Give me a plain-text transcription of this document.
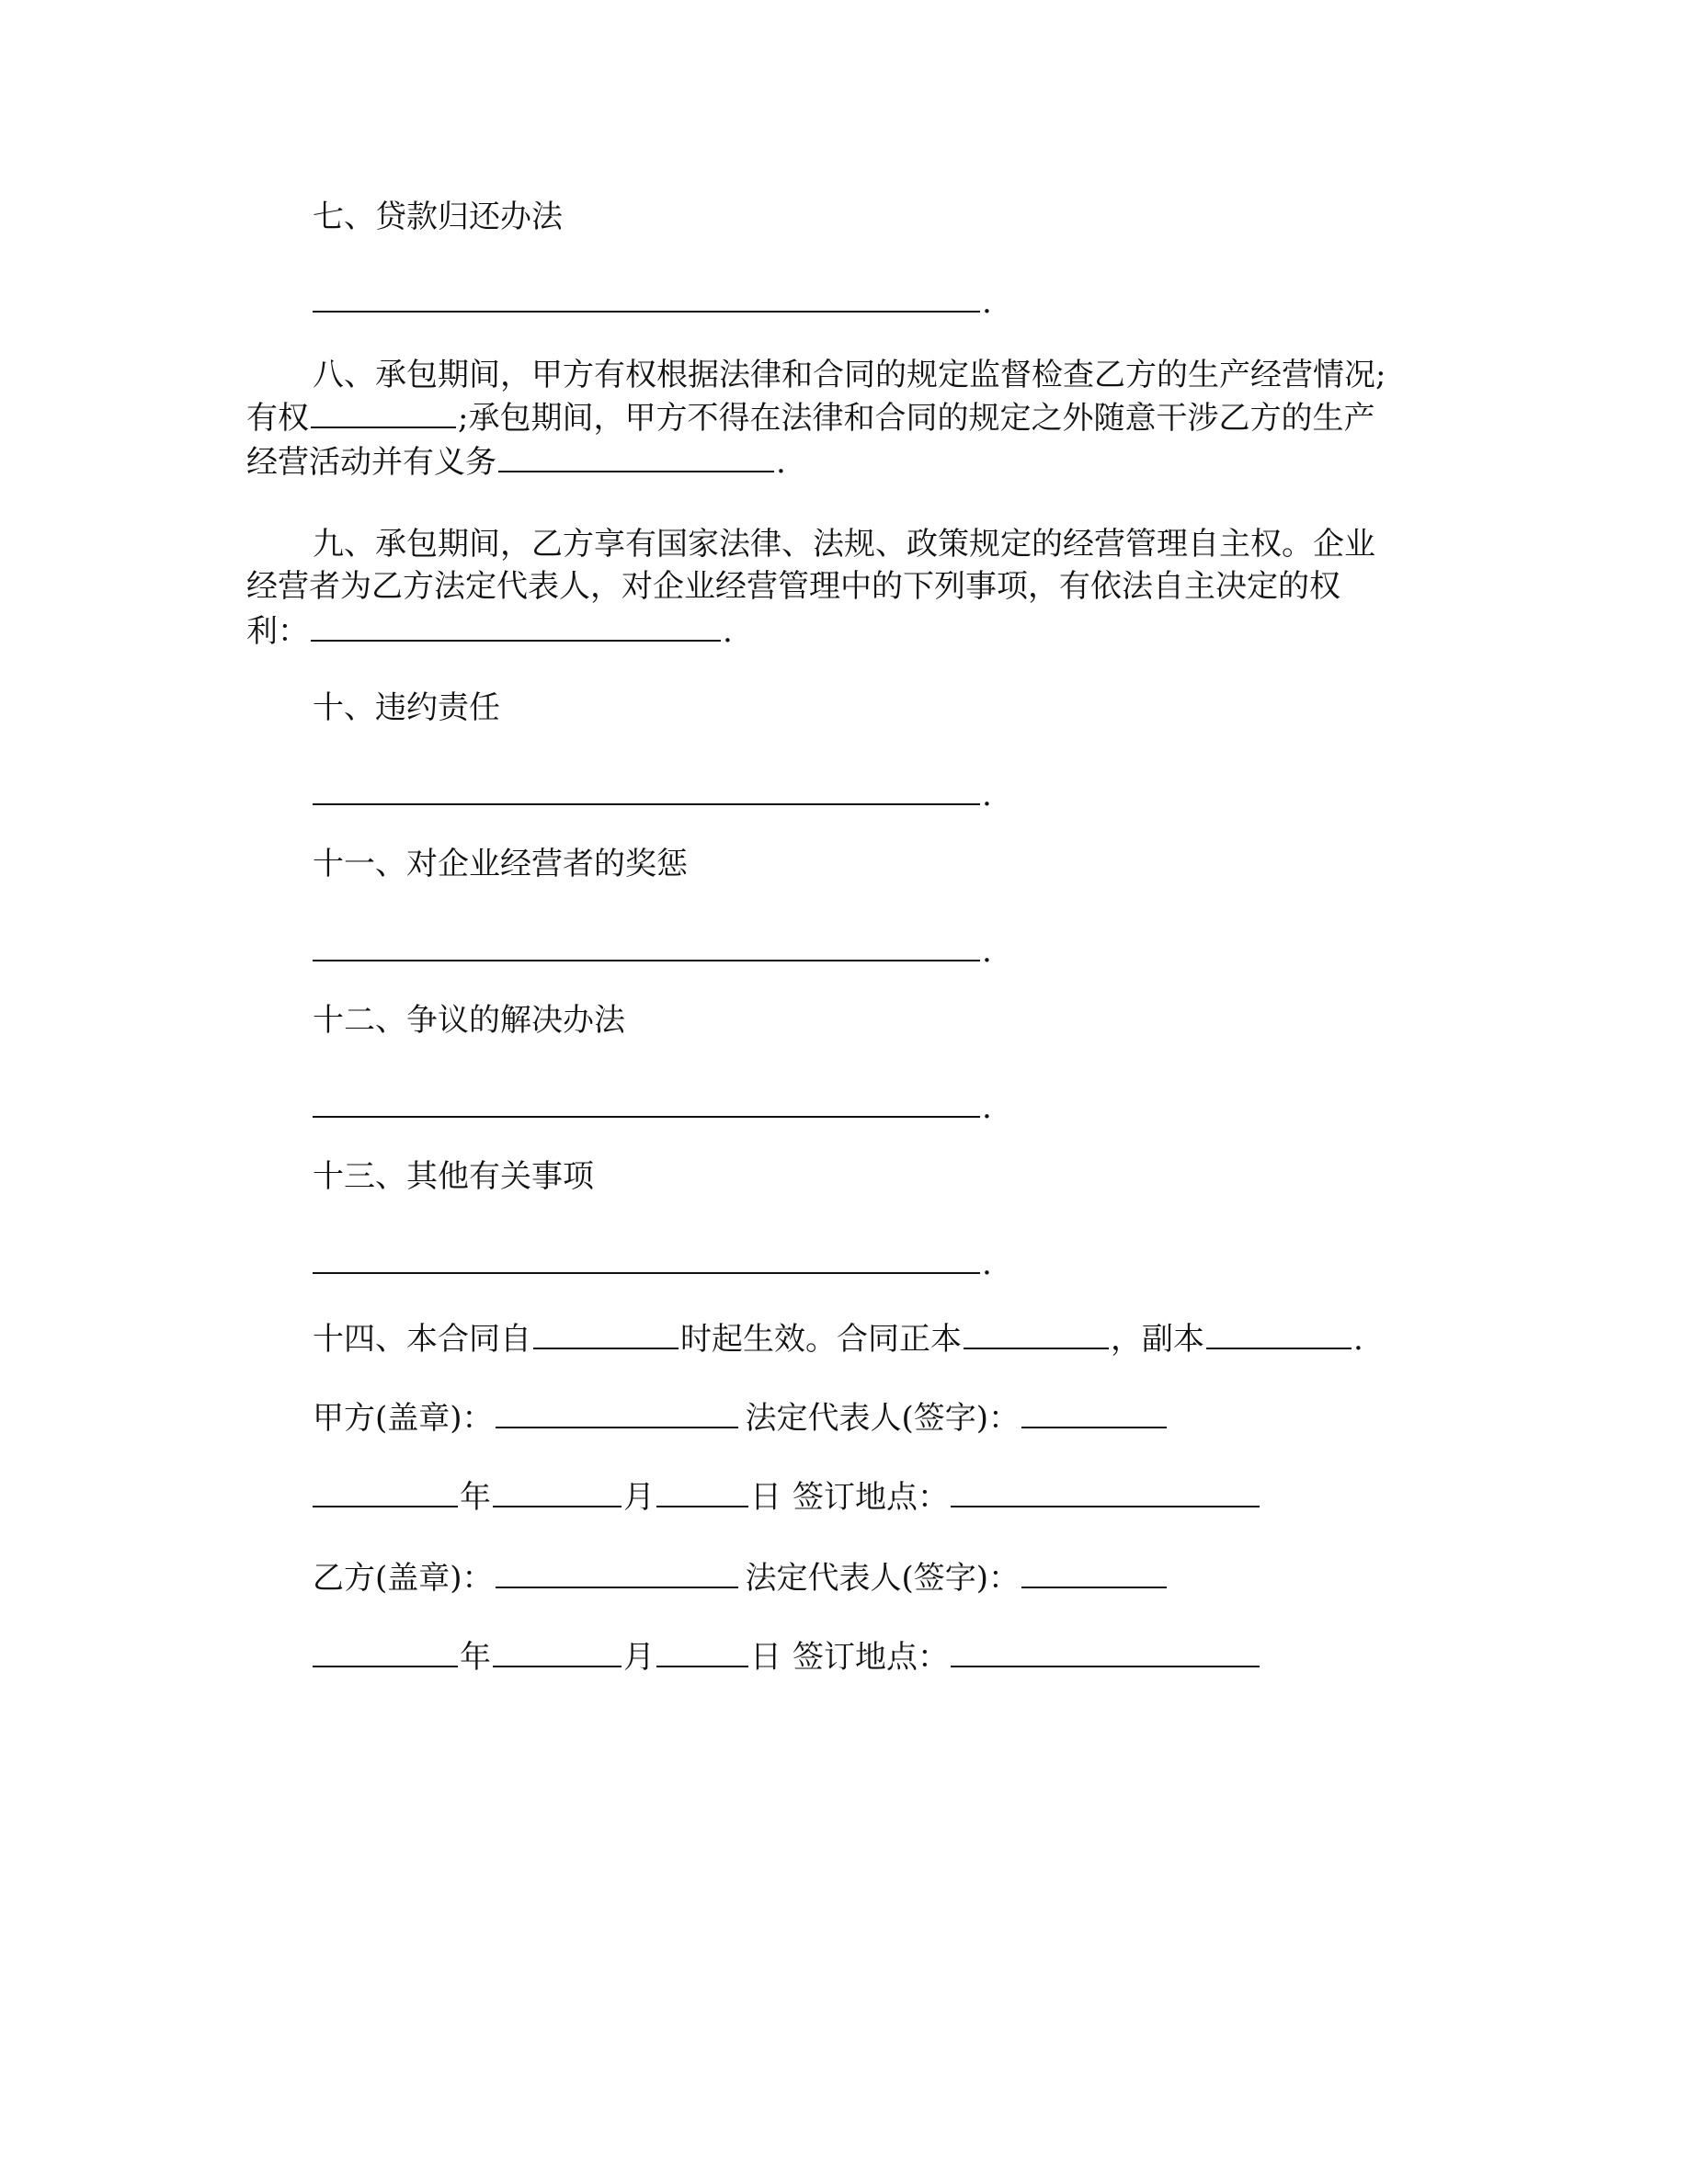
七、贷款归还办法
.
八、承包期间，甲方有权根据法律和合同的规定监督检查乙方的生产经营情况;
有权	;承包期间，甲方不得在法律和合同的规定之外随意干涉乙方的生产
经营活动并有义务	.
九、承包期间，乙方享有国家法律、法规、政策规定的经营管理自主权。企业
经营者为乙方法定代表人，对企业经营管理中的下列事项，有依法自主决定的权
利：	.
十、违约责任
.
十一、对企业经营者的奖惩
.
十二、争议的解决办法
.
十三、其他有关事项
.
十四、本合同自	时起生效。合同正本	，副本	.
甲方(盖章)：	法定代表人(签字)：
年	月	日 签订地点：
乙方(盖章)：	法定代表人(签字)：
年	月	日 签订地点：
